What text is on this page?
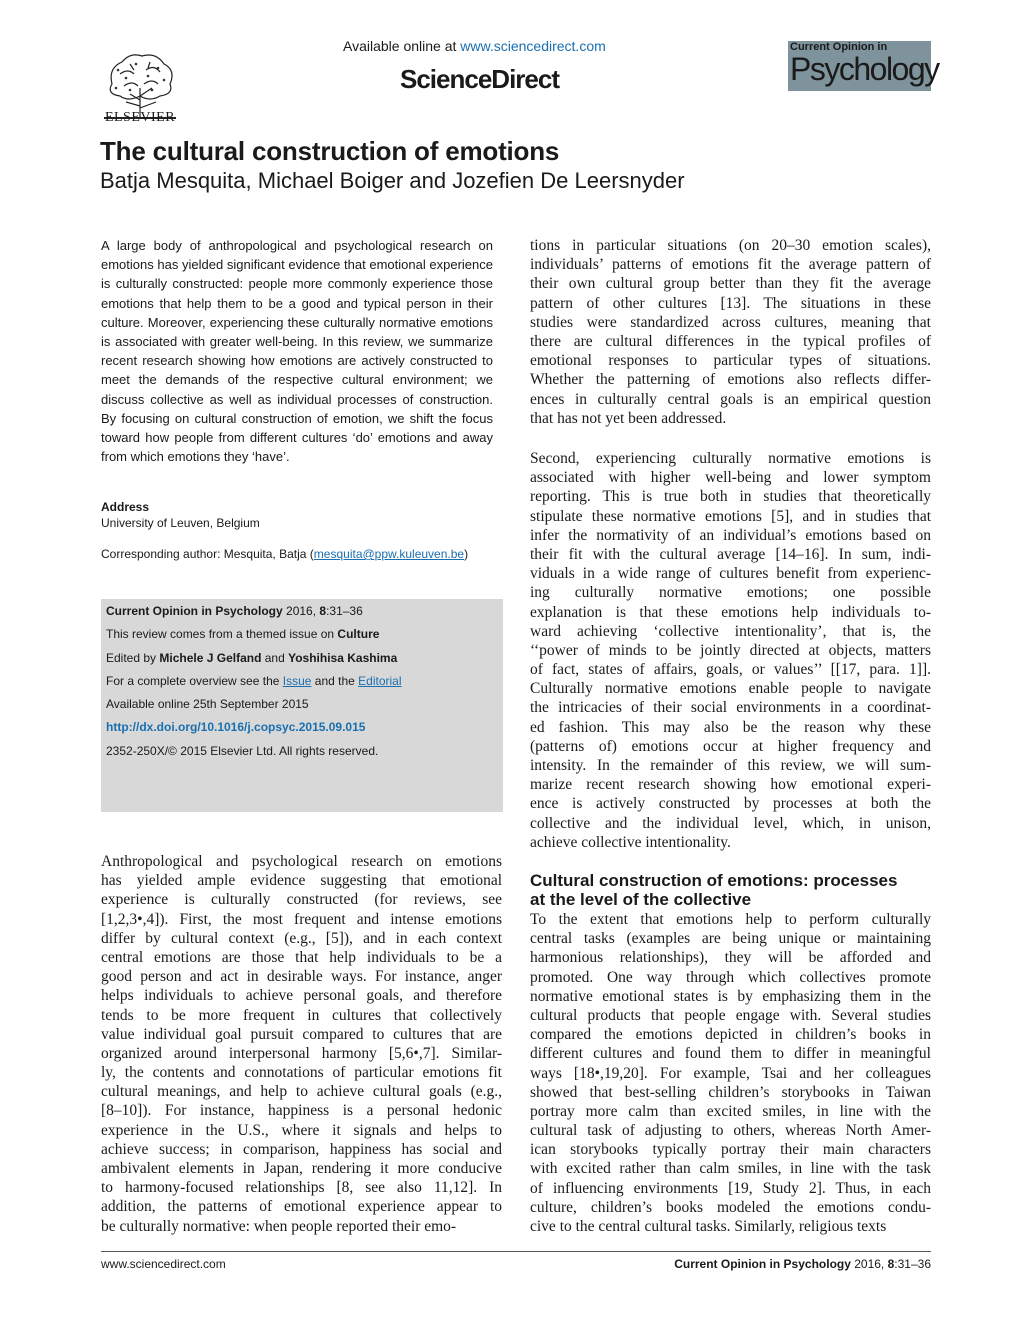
ELSEVIER
Available online at www.sciencedirect.com
ScienceDirect
Current Opinion in
Psychology
The cultural construction of emotions
Batja Mesquita, Michael Boiger and Jozefien De Leersnyder
A large body of anthropological and psychological research on emotions has yielded significant evidence that emotional experience is culturally constructed: people more commonly experience those emotions that help them to be a good and typical person in their culture. Moreover, experiencing these culturally normative emotions is associated with greater well-being. In this review, we summarize recent research showing how emotions are actively constructed to meet the demands of the respective cultural environment; we discuss collective as well as individual processes of construction. By focusing on cultural construction of emotion, we shift the focus toward how people from different cultures ‘do’ emotions and away from which emotions they ‘have’.
Address
University of Leuven, Belgium
Corresponding author: Mesquita, Batja (mesquita@ppw.kuleuven.be)
Current Opinion in Psychology 2016, 8:31–36
This review comes from a themed issue on Culture
Edited by Michele J Gelfand and Yoshihisa Kashima
For a complete overview see the Issue and the Editorial
Available online 25th September 2015
http://dx.doi.org/10.1016/j.copsyc.2015.09.015
2352-250X/© 2015 Elsevier Ltd. All rights reserved.
Anthropological and psychological research on emotions
has yielded ample evidence suggesting that emotional
experience is culturally constructed (for reviews, see
[1,2,3•,4]). First, the most frequent and intense emotions
differ by cultural context (e.g., [5]), and in each context
central emotions are those that help individuals to be a
good person and act in desirable ways. For instance, anger
helps individuals to achieve personal goals, and therefore
tends to be more frequent in cultures that collectively
value individual goal pursuit compared to cultures that are
organized around interpersonal harmony [5,6•,7]. Similar-
ly, the contents and connotations of particular emotions fit
cultural meanings, and help to achieve cultural goals (e.g.,
[8–10]). For instance, happiness is a personal hedonic
experience in the U.S., where it signals and helps to
achieve success; in comparison, happiness has social and
ambivalent elements in Japan, rendering it more conducive
to harmony-focused relationships [8, see also 11,12]. In
addition, the patterns of emotional experience appear to
be culturally normative: when people reported their emo-
tions in particular situations (on 20–30 emotion scales),
individuals’ patterns of emotions fit the average pattern of
their own cultural group better than they fit the average
pattern of other cultures [13]. The situations in these
studies were standardized across cultures, meaning that
there are cultural differences in the typical profiles of
emotional responses to particular types of situations.
Whether the patterning of emotions also reflects differ-
ences in culturally central goals is an empirical question
that has not yet been addressed.
Second, experiencing culturally normative emotions is
associated with higher well-being and lower symptom
reporting. This is true both in studies that theoretically
stipulate these normative emotions [5], and in studies that
infer the normativity of an individual’s emotions based on
their fit with the cultural average [14–16]. In sum, indi-
viduals in a wide range of cultures benefit from experienc-
ing culturally normative emotions; one possible
explanation is that these emotions help individuals to-
ward achieving ‘collective intentionality’, that is, the
‘‘power of minds to be jointly directed at objects, matters
of fact, states of affairs, goals, or values’’ [[17, para. 1]].
Culturally normative emotions enable people to navigate
the intricacies of their social environments in a coordinat-
ed fashion. This may also be the reason why these
(patterns of) emotions occur at higher frequency and
intensity. In the remainder of this review, we will sum-
marize recent research showing how emotional experi-
ence is actively constructed by processes at both the
collective and the individual level, which, in unison,
achieve collective intentionality.
Cultural construction of emotions: processes
at the level of the collective
To the extent that emotions help to perform culturally
central tasks (examples are being unique or maintaining
harmonious relationships), they will be afforded and
promoted. One way through which collectives promote
normative emotional states is by emphasizing them in the
cultural products that people engage with. Several studies
compared the emotions depicted in children’s books in
different cultures and found them to differ in meaningful
ways [18•,19,20]. For example, Tsai and her colleagues
showed that best-selling children’s storybooks in Taiwan
portray more calm than excited smiles, in line with the
cultural task of adjusting to others, whereas North Amer-
ican storybooks typically portray their main characters
with excited rather than calm smiles, in line with the task
of influencing environments [19, Study 2]. Thus, in each
culture, children’s books modeled the emotions condu-
cive to the central cultural tasks. Similarly, religious texts
www.sciencedirect.com	Current Opinion in Psychology 2016, 8:31–36
